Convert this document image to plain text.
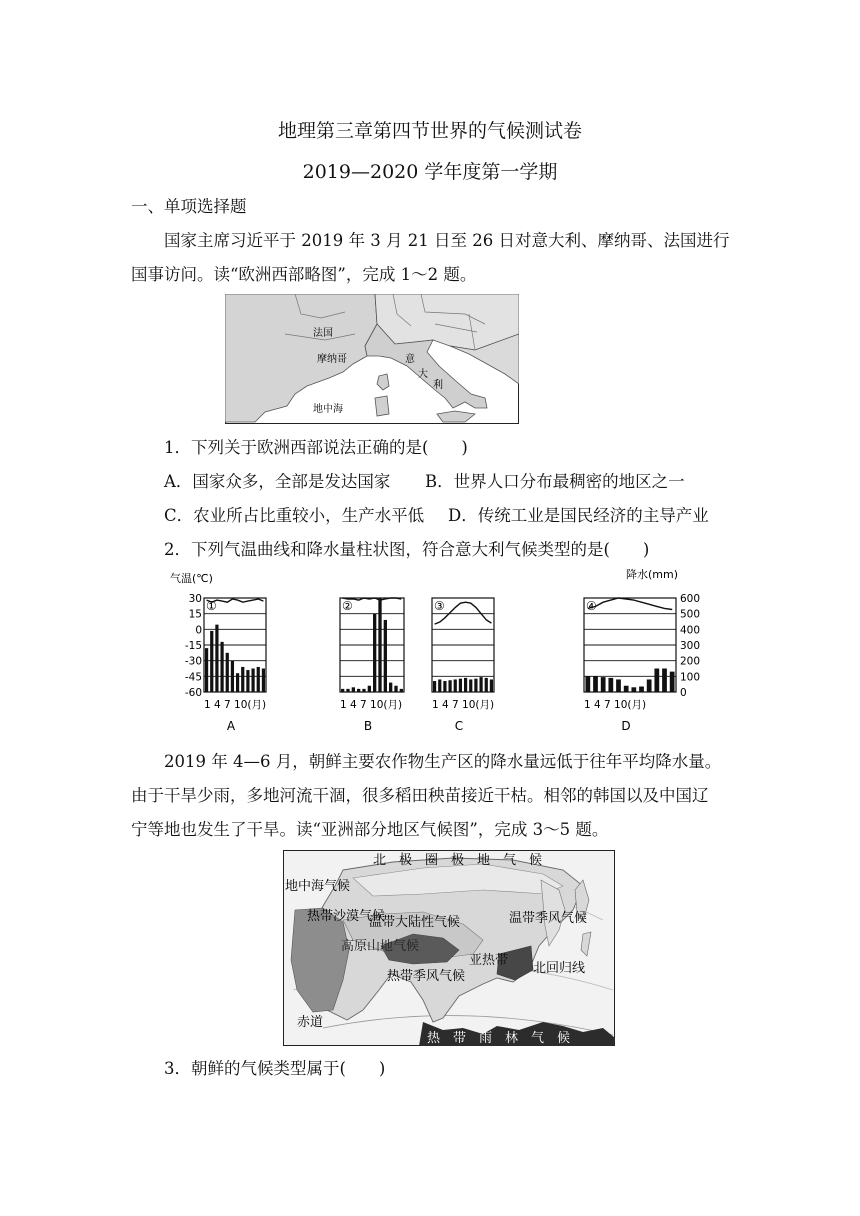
地理第三章第四节世界的气候测试卷
2019—2020 学年度第一学期
一、单项选择题
国家主席习近平于 2019 年 3 月 21 日至 26 日对意大利、摩纳哥、法国进行
国事访问。读“欧洲西部略图”，完成 1～2 题。
法国
摩纳哥	意
大
利
地中海
1．下列关于欧洲西部说法正确的是(　　)
A．国家众多，全部是发达国家 B．世界人口分布最稠密的地区之一
C．农业所占比重较小，生产水平低 D．传统工业是国民经济的主导产业
2．下列气温曲线和降水量柱状图，符合意大利气候类型的是(　　)
气温(℃)	降水(mm)
30
15
0
-15
-30
-45
-60
600
500
400
300
200
100
0
①
1 4 7 10(月)
A
②
1 4 7 10(月)
B
③
1 4 7 10(月)
C
④
1 4 7 10(月)
D
2019 年 4—6 月，朝鲜主要农作物生产区的降水量远低于往年平均降水量。
由于干旱少雨，多地河流干涸，很多稻田秧苗接近干枯。相邻的韩国以及中国辽
宁等地也发生了干旱。读“亚洲部分地区气候图”，完成 3～5 题。
北　极　圈　极　地　气　候
温带大陆性气候
地中海气候
热带沙漠气候
高原山地气候
热带季风气候
亚热带
温带季风气候
北回归线
赤道
热　带　雨　林　气　候
3．朝鲜的气候类型属于(　　)
